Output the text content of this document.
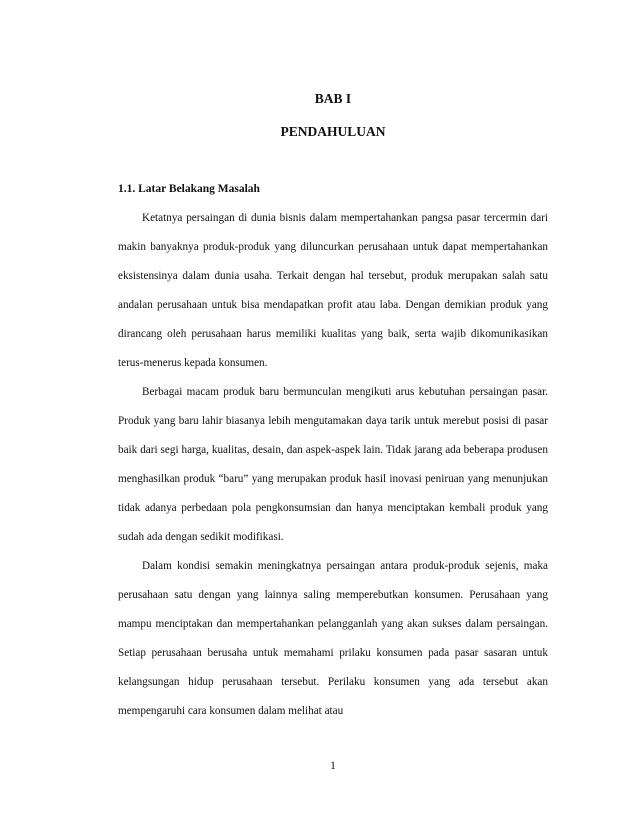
BAB I
PENDAHULUAN
1.1. Latar Belakang Masalah

Ketatnya persaingan di dunia bisnis dalam mempertahankan pangsa pasar tercermin dari makin banyaknya produk-produk yang diluncurkan perusahaan untuk dapat mempertahankan eksistensinya dalam dunia usaha. Terkait dengan hal tersebut, produk merupakan salah satu andalan perusahaan untuk bisa mendapatkan profit atau laba. Dengan demikian produk yang dirancang oleh perusahaan harus memiliki kualitas yang baik, serta wajib dikomunikasikan terus-menerus kepada konsumen.

Berbagai macam produk baru bermunculan mengikuti arus kebutuhan persaingan pasar. Produk yang baru lahir biasanya lebih mengutamakan daya tarik untuk merebut posisi di pasar baik dari segi harga, kualitas, desain, dan aspek-aspek lain. Tidak jarang ada beberapa produsen menghasilkan produk “baru” yang merupakan produk hasil inovasi peniruan yang menunjukan tidak adanya perbedaan pola pengkonsumsian dan hanya menciptakan kembali produk yang sudah ada dengan sedikit modifikasi.

Dalam kondisi semakin meningkatnya persaingan antara produk-produk sejenis, maka perusahaan satu dengan yang lainnya saling memperebutkan konsumen. Perusahaan yang mampu menciptakan dan mempertahankan pelangganlah yang akan sukses dalam persaingan. Setiap perusahaan berusaha untuk memahami prilaku konsumen pada pasar sasaran untuk kelangsungan hidup perusahaan tersebut. Perilaku konsumen yang ada tersebut akan mempengaruhi cara konsumen dalam melihat atau

1
